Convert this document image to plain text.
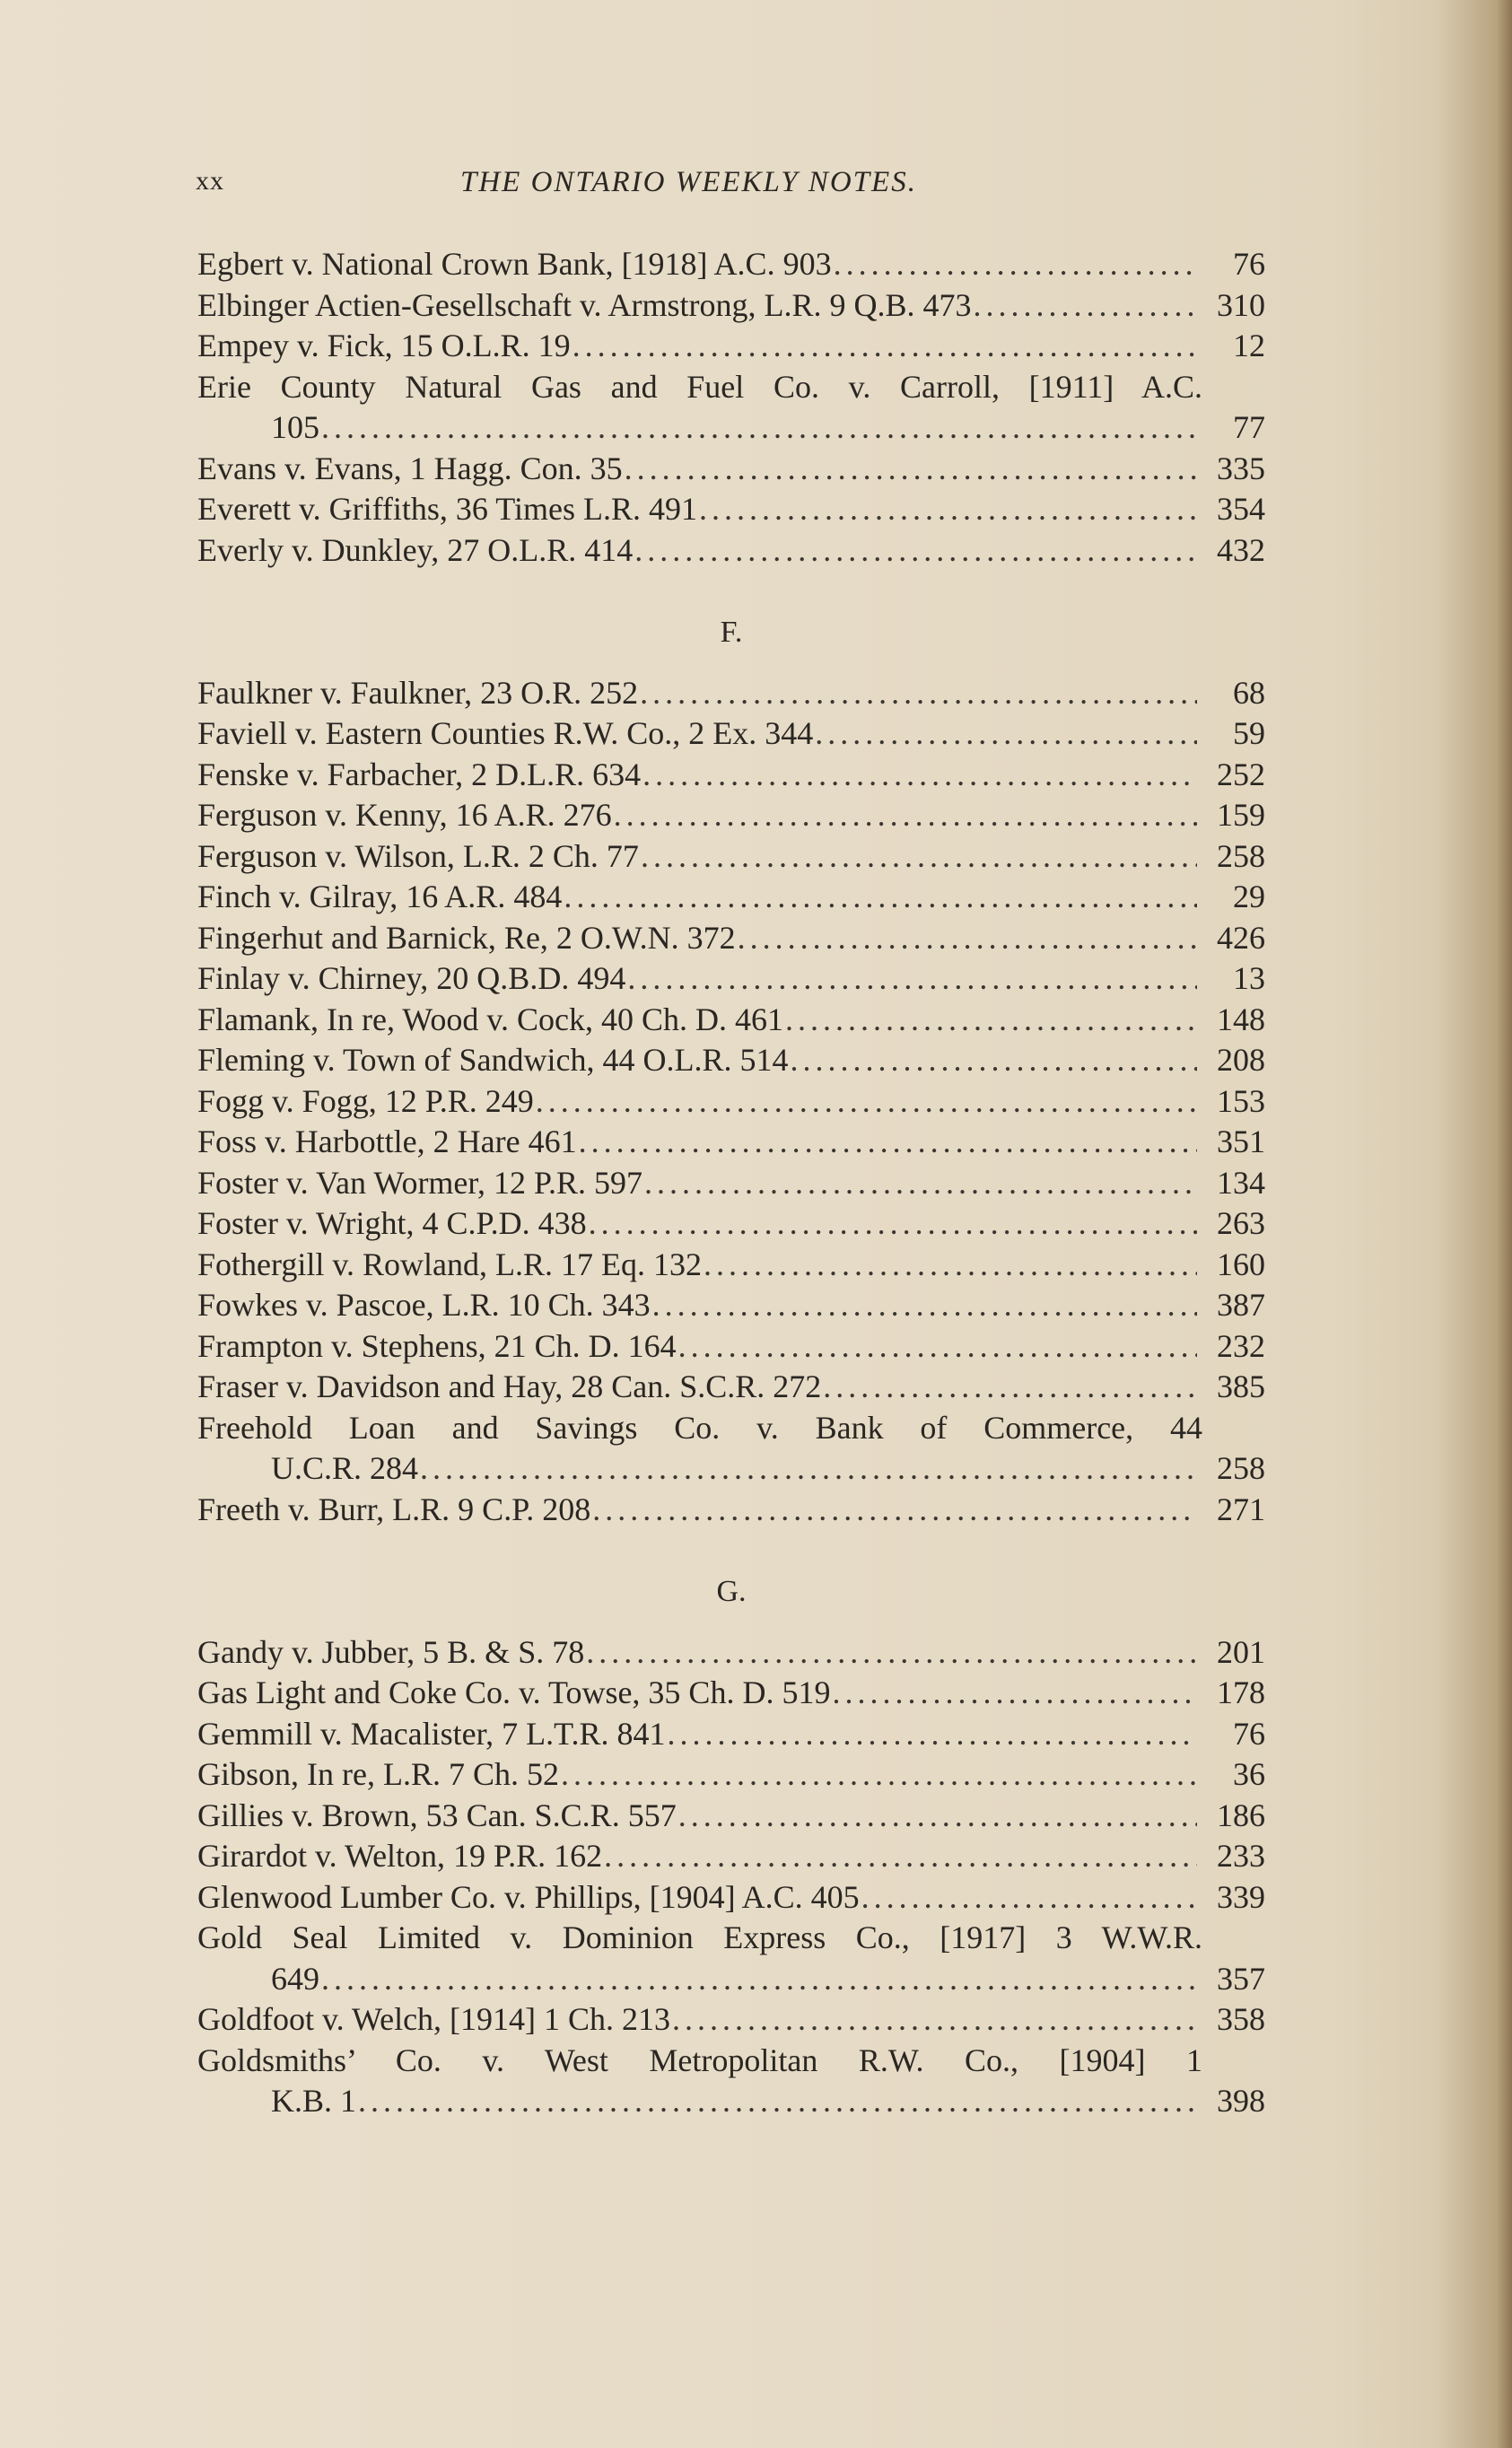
xx	THE ONTARIO WEEKLY NOTES.
Egbert v. National Crown Bank, [1918] A.C. 903 . . .	76
Elbinger Actien-Gesellschaft v. Armstrong, L.R. 9 Q.B. 473 . . .	310
Empey v. Fick, 15 O.L.R. 19 . . .	12
Erie County Natural Gas and Fuel Co. v. Carroll, [1911] A.C.
105 . . .	77
Evans v. Evans, 1 Hagg. Con. 35 . . .	335
Everett v. Griffiths, 36 Times L.R. 491 . . .	354
Everly v. Dunkley, 27 O.L.R. 414 . . .	432
F.
Faulkner v. Faulkner, 23 O.R. 252 . . .	68
Faviell v. Eastern Counties R.W. Co., 2 Ex. 344 . . .	59
Fenske v. Farbacher, 2 D.L.R. 634 . . .	252
Ferguson v. Kenny, 16 A.R. 276 . . .	159
Ferguson v. Wilson, L.R. 2 Ch. 77 . . .	258
Finch v. Gilray, 16 A.R. 484 . . .	29
Fingerhut and Barnick, Re, 2 O.W.N. 372 . . .	426
Finlay v. Chirney, 20 Q.B.D. 494 . . .	13
Flamank, In re, Wood v. Cock, 40 Ch. D. 461 . . .	148
Fleming v. Town of Sandwich, 44 O.L.R. 514 . . .	208
Fogg v. Fogg, 12 P.R. 249 . . .	153
Foss v. Harbottle, 2 Hare 461 . . .	351
Foster v. Van Wormer, 12 P.R. 597 . . .	134
Foster v. Wright, 4 C.P.D. 438 . . .	263
Fothergill v. Rowland, L.R. 17 Eq. 132 . . .	160
Fowkes v. Pascoe, L.R. 10 Ch. 343 . . .	387
Frampton v. Stephens, 21 Ch. D. 164 . . .	232
Fraser v. Davidson and Hay, 28 Can. S.C.R. 272 . . .	385
Freehold Loan and Savings Co. v. Bank of Commerce, 44
U.C.R. 284 . . .	258
Freeth v. Burr, L.R. 9 C.P. 208 . . .	271
G.
Gandy v. Jubber, 5 B. & S. 78 . . .	201
Gas Light and Coke Co. v. Towse, 35 Ch. D. 519 . . .	178
Gemmill v. Macalister, 7 L.T.R. 841 . . .	76
Gibson, In re, L.R. 7 Ch. 52 . . .	36
Gillies v. Brown, 53 Can. S.C.R. 557 . . .	186
Girardot v. Welton, 19 P.R. 162 . . .	233
Glenwood Lumber Co. v. Phillips, [1904] A.C. 405 . . .	339
Gold Seal Limited v. Dominion Express Co., [1917] 3 W.W.R.
649 . . .	357
Goldfoot v. Welch, [1914] 1 Ch. 213 . . .	358
Goldsmiths’ Co. v. West Metropolitan R.W. Co., [1904] 1
K.B. 1 . . .	398
